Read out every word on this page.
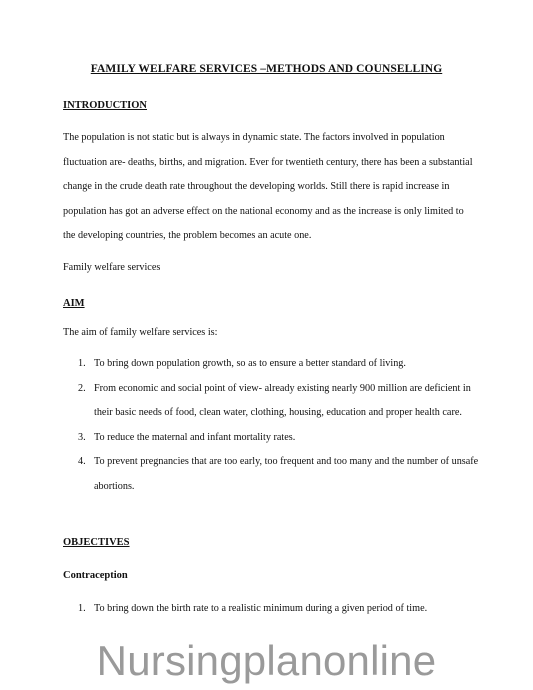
FAMILY WELFARE SERVICES –METHODS AND COUNSELLING
INTRODUCTION

The population is not static but is always in dynamic state. The factors involved in population fluctuation are- deaths, births, and migration. Ever for twentieth century, there has been a substantial change in the crude death rate throughout the developing worlds. Still there is rapid increase in population has got an adverse effect on the national economy and as the increase is only limited to the developing countries, the problem becomes an acute one.

Family welfare services
AIM
The aim of family welfare services is:
1. To bring down population growth, so as to ensure a better standard of living.
2. From economic and social point of view- already existing nearly 900 million are deficient in their basic needs of food, clean water, clothing, housing, education and proper health care.
3. To reduce the maternal and infant mortality rates.
4. To prevent pregnancies that are too early, too frequent and too many and the number of unsafe abortions.
OBJECTIVES
Contraception
1. To bring down the birth rate to a realistic minimum during a given period of time.
Nursingplanonline
